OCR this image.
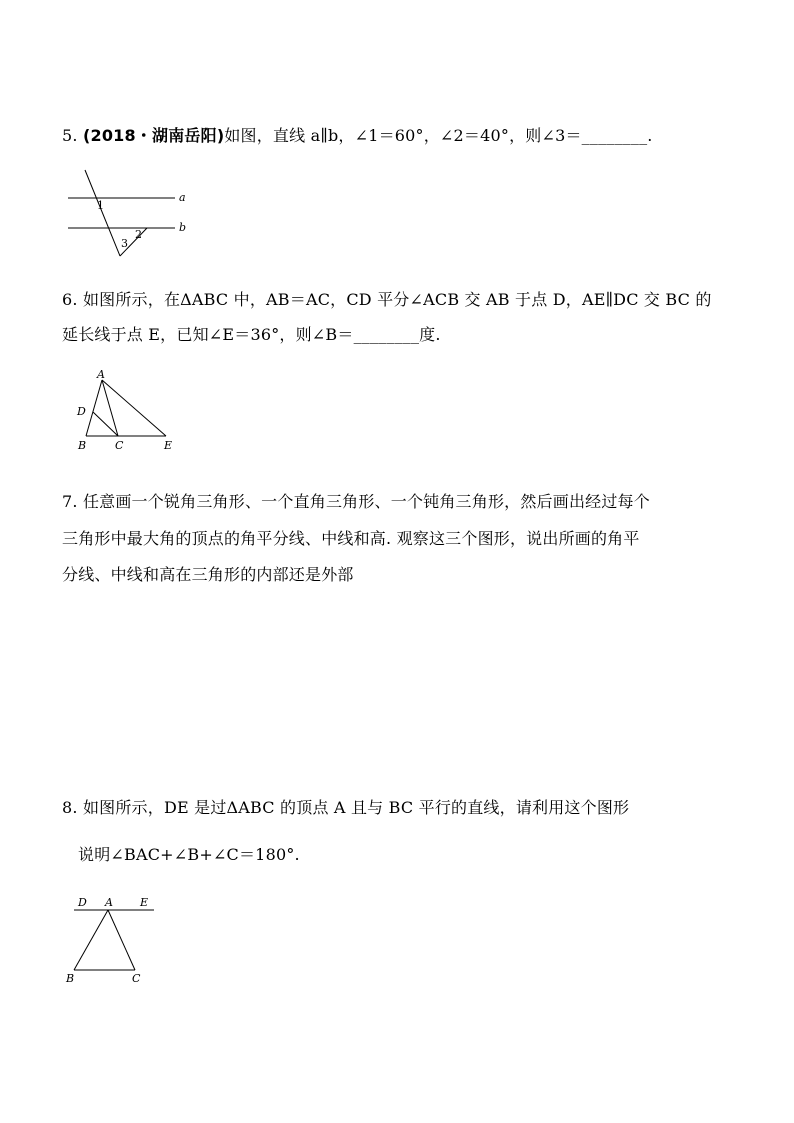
5. (2018・湖南岳阳)如图，直线 a∥b，∠1＝60°，∠2＝40°，则∠3＝________.
a
b
1
2
3
6. 如图所示，在ΔABC 中，AB＝AC，CD 平分∠ACB 交 AB 于点 D，AE∥DC 交 BC 的
延长线于点 E，已知∠E＝36°，则∠B＝________度.
A
D
B	C	E
7. 任意画一个锐角三角形、一个直角三角形、一个钝角三角形，然后画出经过每个
三角形中最大角的顶点的角平分线、中线和高. 观察这三个图形，说出所画的角平
分线、中线和高在三角形的内部还是外部
8. 如图所示，DE 是过ΔABC 的顶点 A 且与 BC 平行的直线，请利用这个图形
说明∠BAC+∠B+∠C＝180°.
D A E
B	C
